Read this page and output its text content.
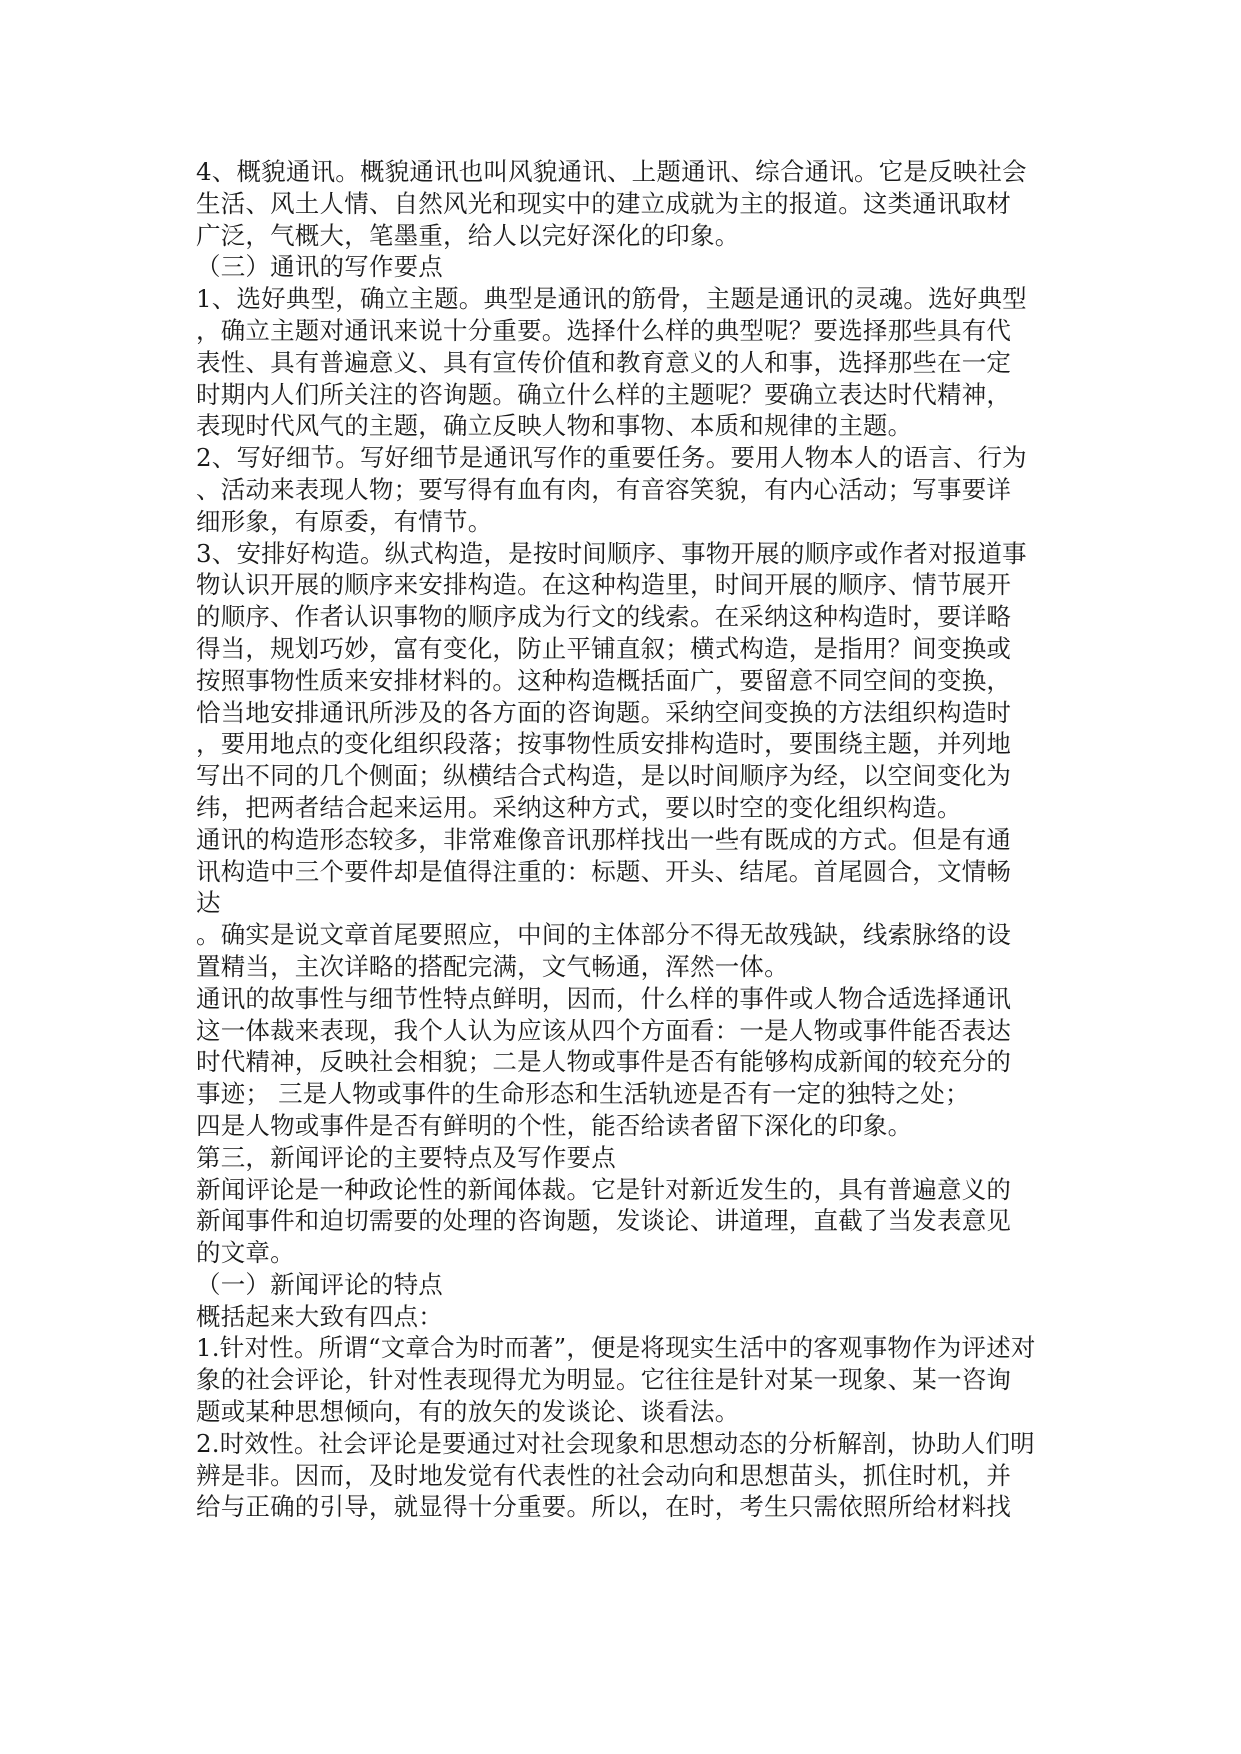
4、概貌通讯。概貌通讯也叫风貌通讯、上题通讯、综合通讯。它是反映社会
生活、风土人情、自然风光和现实中的建立成就为主的报道。这类通讯取材
广泛，气概大，笔墨重，给人以完好深化的印象。
（三）通讯的写作要点
1、选好典型，确立主题。典型是通讯的筋骨，主题是通讯的灵魂。选好典型
，确立主题对通讯来说十分重要。选择什么样的典型呢？要选择那些具有代
表性、具有普遍意义、具有宣传价值和教育意义的人和事，选择那些在一定
时期内人们所关注的咨询题。确立什么样的主题呢？要确立表达时代精神，
表现时代风气的主题，确立反映人物和事物、本质和规律的主题。
2、写好细节。写好细节是通讯写作的重要任务。要用人物本人的语言、行为
、活动来表现人物；要写得有血有肉，有音容笑貌，有内心活动；写事要详
细形象，有原委，有情节。
3、安排好构造。纵式构造，是按时间顺序、事物开展的顺序或作者对报道事
物认识开展的顺序来安排构造。在这种构造里，时间开展的顺序、情节展开
的顺序、作者认识事物的顺序成为行文的线索。在采纳这种构造时，要详略
得当，规划巧妙，富有变化，防止平铺直叙；横式构造，是指用？间变换或
按照事物性质来安排材料的。这种构造概括面广，要留意不同空间的变换，
恰当地安排通讯所涉及的各方面的咨询题。采纳空间变换的方法组织构造时
，要用地点的变化组织段落；按事物性质安排构造时，要围绕主题，并列地
写出不同的几个侧面；纵横结合式构造，是以时间顺序为经，以空间变化为
纬，把两者结合起来运用。采纳这种方式，要以时空的变化组织构造。
通讯的构造形态较多，非常难像音讯那样找出一些有既成的方式。但是有通
讯构造中三个要件却是值得注重的：标题、开头、结尾。首尾圆合，文情畅
达
。确实是说文章首尾要照应，中间的主体部分不得无故残缺，线索脉络的设
置精当，主次详略的搭配完满，文气畅通，浑然一体。
通讯的故事性与细节性特点鲜明，因而，什么样的事件或人物合适选择通讯
这一体裁来表现，我个人认为应该从四个方面看：一是人物或事件能否表达
时代精神，反映社会相貌；二是人物或事件是否有能够构成新闻的较充分的
事迹； 三是人物或事件的生命形态和生活轨迹是否有一定的独特之处；
四是人物或事件是否有鲜明的个性，能否给读者留下深化的印象。
第三，新闻评论的主要特点及写作要点
新闻评论是一种政论性的新闻体裁。它是针对新近发生的，具有普遍意义的
新闻事件和迫切需要的处理的咨询题，发谈论、讲道理，直截了当发表意见
的文章。
（一）新闻评论的特点
概括起来大致有四点：
1.针对性。所谓“文章合为时而著”，便是将现实生活中的客观事物作为评述对
象的社会评论，针对性表现得尤为明显。它往往是针对某一现象、某一咨询
题或某种思想倾向，有的放矢的发谈论、谈看法。
2.时效性。社会评论是要通过对社会现象和思想动态的分析解剖，协助人们明
辨是非。因而，及时地发觉有代表性的社会动向和思想苗头，抓住时机，并
给与正确的引导，就显得十分重要。所以，在时，考生只需依照所给材料找
